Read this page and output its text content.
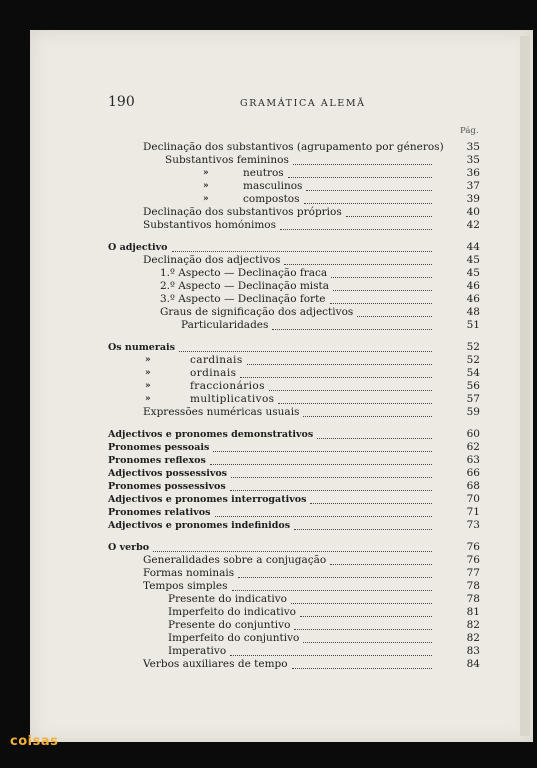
190	GRAMÁTICA ALEMÃ
Pág.
Declinação dos substantivos (agrupamento por géneros)	35
Substantivos femininos	35
»	neutros	36
»	masculinos	37
»	compostos	39
Declinação dos substantivos próprios	40
Substantivos homónimos	42
O adjectivo	44
Declinação dos adjectivos	45
1.º Aspecto — Declinação fraca	45
2.º Aspecto — Declinação mista	46
3.º Aspecto — Declinação forte	46
Graus de significação dos adjectivos	48
Particularidades	51
Os numerais	52
»	cardinais	52
»	ordinais	54
»	fraccionários	56
»	multiplicativos	57
Expressões numéricas usuais	59
Adjectivos e pronomes demonstrativos	60
Pronomes pessoais	62
Pronomes reflexos	63
Adjectivos possessivos	66
Pronomes possessivos	68
Adjectivos e pronomes interrogativos	70
Pronomes relativos	71
Adjectivos e pronomes indefinidos	73
O verbo	76
Generalidades sobre a conjugação	76
Formas nominais	77
Tempos simples	78
Presente do indicativo	78
Imperfeito do indicativo	81
Presente do conjuntivo	82
Imperfeito do conjuntivo	82
Imperativo	83
Verbos auxiliares de tempo	84
coisas
